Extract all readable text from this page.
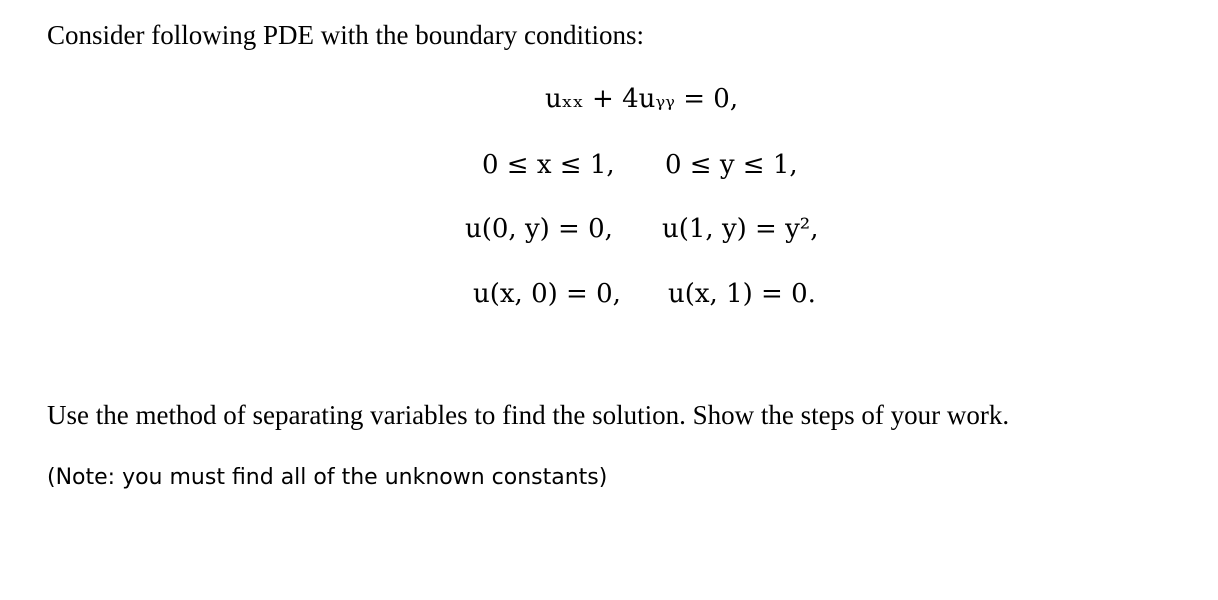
Consider following PDE with the boundary conditions:
uₓₓ + 4uᵧᵧ = 0,
0 ≤ x ≤ 1, 0 ≤ y ≤ 1,
u(0, y) = 0, u(1, y) = y²,
u(x, 0) = 0, u(x, 1) = 0.
Use the method of separating variables to find the solution. Show the steps of your work.
(Note: you must find all of the unknown constants)
